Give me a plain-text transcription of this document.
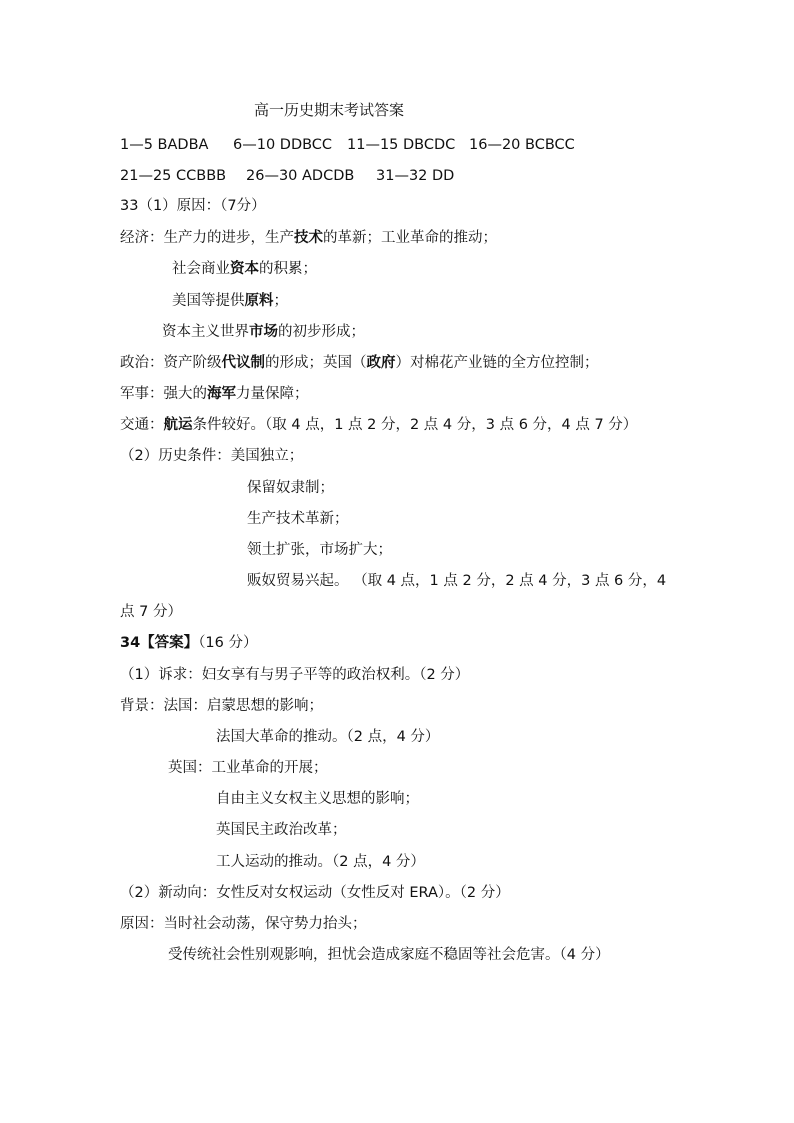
高一历史期末考试答案
1—5 BADBA 6—10 DDBCC 11—15 DBCDC 16—20 BCBCC
21—25 CCBBB 26—30 ADCDB 31—32 DD
33（1）原因：（7分）
经济：生产力的进步，生产技术的革新；工业革命的推动；
社会商业资本的积累；
美国等提供原料；
资本主义世界市场的初步形成；
政治：资产阶级代议制的形成；英国（政府）对棉花产业链的全方位控制；
军事：强大的海军力量保障；
交通：航运条件较好。（取 4 点，1 点 2 分，2 点 4 分，3 点 6 分，4 点 7 分）
（2）历史条件：美国独立；
保留奴隶制；
生产技术革新；
领土扩张，市场扩大；
贩奴贸易兴起。 （取 4 点，1 点 2 分，2 点 4 分，3 点 6 分，4
点 7 分）
34【答案】（16 分）
（1）诉求：妇女享有与男子平等的政治权利。（2 分）
背景：法国：启蒙思想的影响；
法国大革命的推动。（2 点，4 分）
英国：工业革命的开展；
自由主义女权主义思想的影响；
英国民主政治改革；
工人运动的推动。（2 点，4 分）
（2）新动向：女性反对女权运动（女性反对 ERA）。（2 分）
原因：当时社会动荡，保守势力抬头；
受传统社会性别观影响，担忧会造成家庭不稳固等社会危害。（4 分）
